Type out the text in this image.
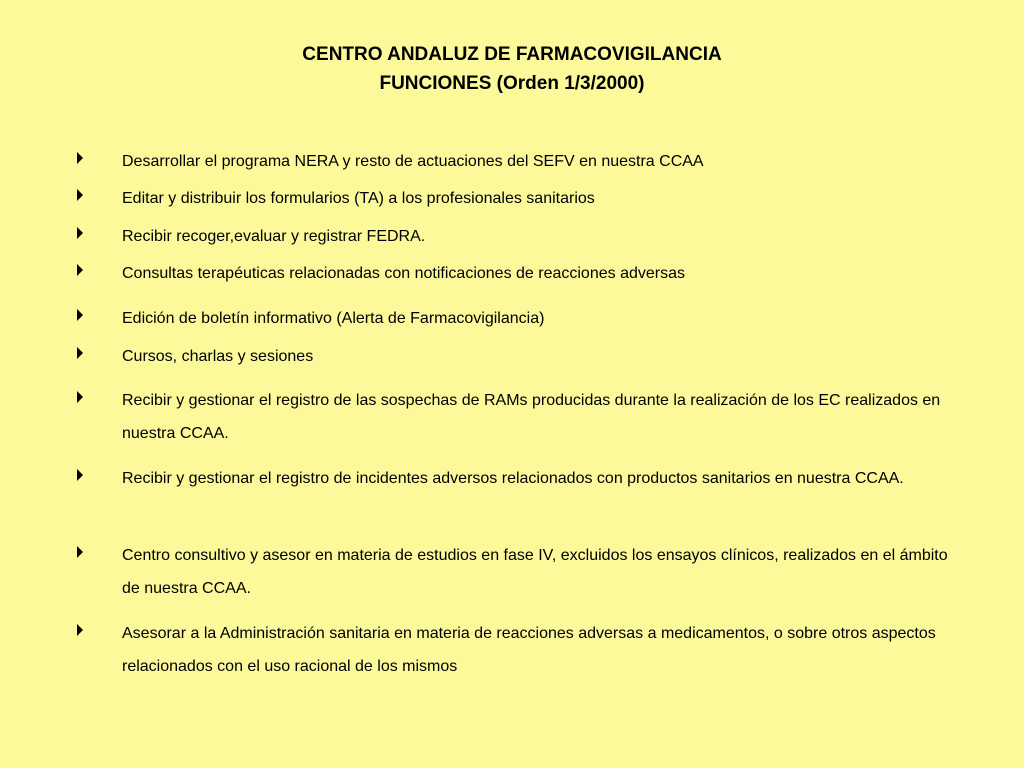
CENTRO ANDALUZ DE FARMACOVIGILANCIA
FUNCIONES (Orden 1/3/2000)
Desarrollar el programa NERA y resto de actuaciones del SEFV en nuestra CCAA
Editar y distribuir los formularios (TA) a los profesionales sanitarios
Recibir recoger,evaluar y registrar FEDRA.
Consultas terapéuticas relacionadas con notificaciones de reacciones adversas
Edición de boletín informativo (Alerta de Farmacovigilancia)
Cursos, charlas y sesiones
Recibir y gestionar el registro de las sospechas de RAMs producidas durante la realización de los EC realizados en nuestra CCAA.
Recibir y gestionar el registro de incidentes adversos relacionados con productos sanitarios en nuestra CCAA.
Centro consultivo y asesor en materia de estudios en fase IV, excluidos los ensayos clínicos, realizados en el ámbito de nuestra CCAA.
Asesorar a la Administración sanitaria en materia de reacciones adversas a medicamentos, o sobre otros aspectos relacionados con el uso racional de los mismos
